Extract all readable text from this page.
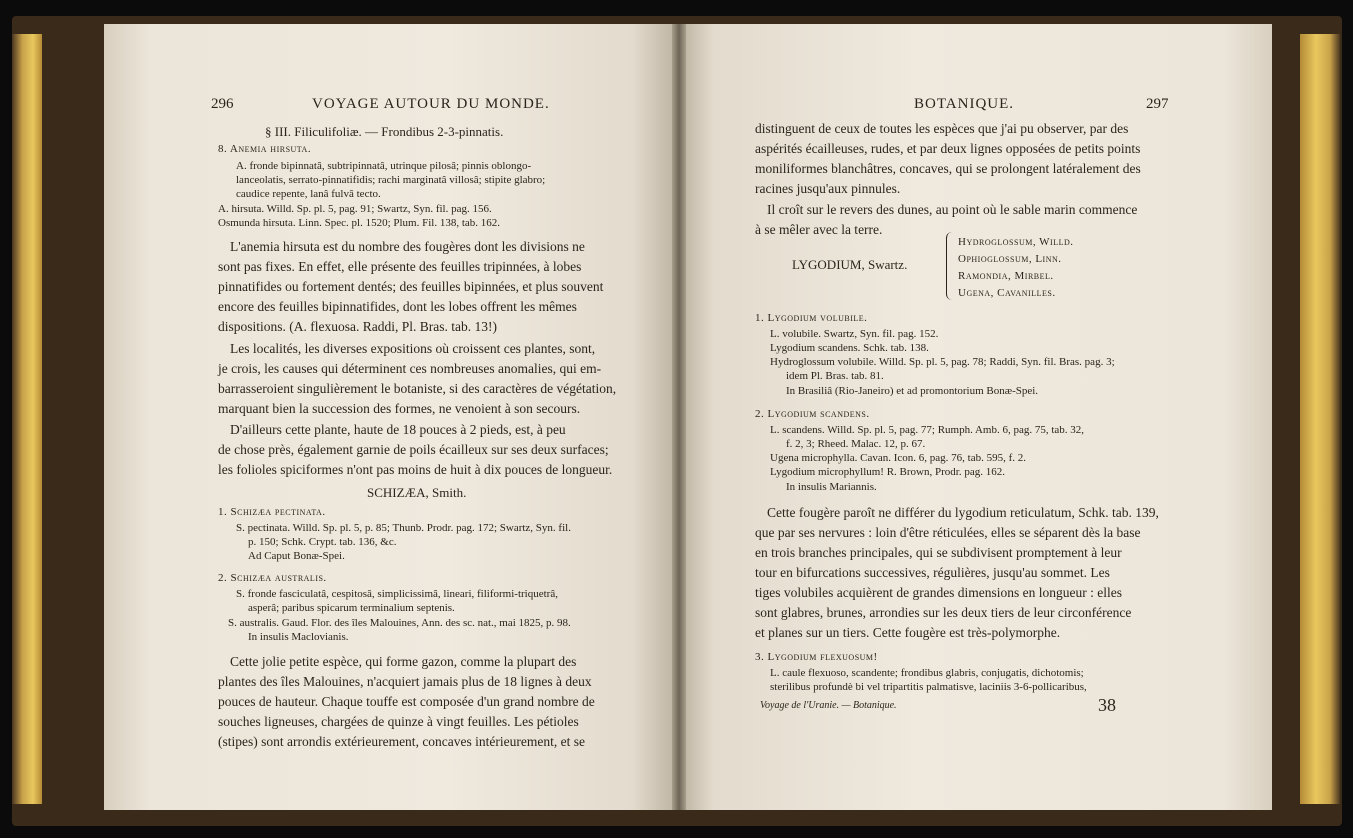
296	VOYAGE AUTOUR DU MONDE.
§ III. Filiculifoliæ. — Frondibus 2-3-pinnatis.
8. Anemia hirsuta.
A. fronde bipinnatâ, subtripinnatâ, utrinque pilosâ; pinnis oblongo-
lanceolatis, serrato-pinnatifidis; rachi marginatâ villosâ; stipite glabro;
caudice repente, lanâ fulvâ tecto.
A. hirsuta. Willd. Sp. pl. 5, pag. 91; Swartz, Syn. fil. pag. 156.
Osmunda hirsuta. Linn. Spec. pl. 1520; Plum. Fil. 138, tab. 162.
L'anemia hirsuta est du nombre des fougères dont les divisions ne
sont pas fixes. En effet, elle présente des feuilles tripinnées, à lobes
pinnatifides ou fortement dentés; des feuilles bipinnées, et plus souvent
encore des feuilles bipinnatifides, dont les lobes offrent les mêmes
dispositions. (A. flexuosa. Raddi, Pl. Bras. tab. 13!)
Les localités, les diverses expositions où croissent ces plantes, sont,
je crois, les causes qui déterminent ces nombreuses anomalies, qui em-
barrasseroient singulièrement le botaniste, si des caractères de végétation,
marquant bien la succession des formes, ne venoient à son secours.
D'ailleurs cette plante, haute de 18 pouces à 2 pieds, est, à peu
de chose près, également garnie de poils écailleux sur ses deux surfaces;
les folioles spiciformes n'ont pas moins de huit à dix pouces de longueur.
SCHIZÆA, Smith.
1. Schizæa pectinata.
S. pectinata. Willd. Sp. pl. 5, p. 85; Thunb. Prodr. pag. 172; Swartz, Syn. fil.
p. 150; Schk. Crypt. tab. 136, &c.
Ad Caput Bonæ-Spei.
2. Schizæa australis.
S. fronde fasciculatâ, cespitosâ, simplicissimâ, lineari, filiformi-triquetrâ,
asperâ; paribus spicarum terminalium septenis.
S. australis. Gaud. Flor. des îles Malouines, Ann. des sc. nat., mai 1825, p. 98.
In insulis Maclovianis.
Cette jolie petite espèce, qui forme gazon, comme la plupart des
plantes des îles Malouines, n'acquiert jamais plus de 18 lignes à deux
pouces de hauteur. Chaque touffe est composée d'un grand nombre de
souches ligneuses, chargées de quinze à vingt feuilles. Les pétioles
(stipes) sont arrondis extérieurement, concaves intérieurement, et se
BOTANIQUE.	297
distinguent de ceux de toutes les espèces que j'ai pu observer, par des
aspérités écailleuses, rudes, et par deux lignes opposées de petits points
moniliformes blanchâtres, concaves, qui se prolongent latéralement des
racines jusqu'aux pinnules.
Il croît sur le revers des dunes, au point où le sable marin commence
à se mêler avec la terre.
LYGODIUM, Swartz.
Hydroglossum, Willd.
Ophioglossum, Linn.
Ramondia, Mirbel.
Ugena, Cavanilles.
1. Lygodium volubile.
L. volubile. Swartz, Syn. fil. pag. 152.
Lygodium scandens. Schk. tab. 138.
Hydroglossum volubile. Willd. Sp. pl. 5, pag. 78; Raddi, Syn. fil. Bras. pag. 3;
idem Pl. Bras. tab. 81.
In Brasiliâ (Rio-Janeiro) et ad promontorium Bonæ-Spei.
2. Lygodium scandens.
L. scandens. Willd. Sp. pl. 5, pag. 77; Rumph. Amb. 6, pag. 75, tab. 32,
f. 2, 3; Rheed. Malac. 12, p. 67.
Ugena microphylla. Cavan. Icon. 6, pag. 76, tab. 595, f. 2.
Lygodium microphyllum! R. Brown, Prodr. pag. 162.
In insulis Mariannis.
Cette fougère paroît ne différer du lygodium reticulatum, Schk. tab. 139,
que par ses nervures : loin d'être réticulées, elles se séparent dès la base
en trois branches principales, qui se subdivisent promptement à leur
tour en bifurcations successives, régulières, jusqu'au sommet. Les
tiges volubiles acquièrent de grandes dimensions en longueur : elles
sont glabres, brunes, arrondies sur les deux tiers de leur circonférence
et planes sur un tiers. Cette fougère est très-polymorphe.
3. Lygodium flexuosum!
L. caule flexuoso, scandente; frondibus glabris, conjugatis, dichotomis;
sterilibus profundè bi vel tripartitis palmatisve, laciniis 3-6-pollicaribus,
Voyage de l'Uranie. — Botanique.	38
